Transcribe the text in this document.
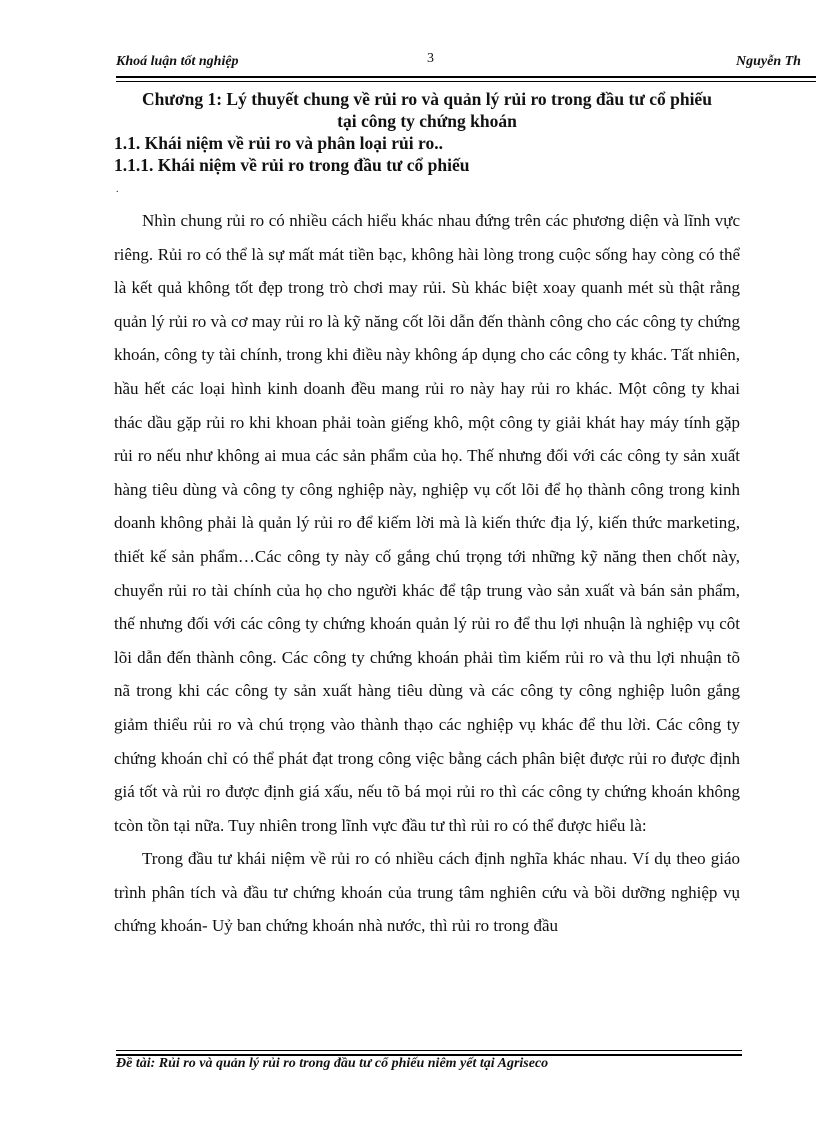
Khoá luận tốt nghiệp	3	Nguyễn Th

Chương 1: Lý thuyết chung về rủi ro và quản lý rủi ro trong đầu tư cổ phiếu

tại công ty chứng khoán

1.1. Khái niệm về rủi ro và phân loại rủi ro..

1.1.1. Khái niệm về rủi ro trong đầu tư cổ phiếu

.

Nhìn chung rủi ro có nhiều cách hiểu khác nhau đứng trên các phương diện và lĩnh vực riêng. Rủi ro có thể là sự mất mát tiền bạc, không hài lòng trong cuộc sống hay còng có thể là kết quả không tốt đẹp trong trò chơi may rủi. Sù khác biệt xoay quanh mét sù thật rằng quản lý rủi ro và cơ may rủi ro là kỹ năng cốt lõi dẫn đến thành công cho các công ty chứng khoán, công ty tài chính, trong khi điều này không áp dụng cho các công ty khác. Tất nhiên, hầu hết các loại hình kinh doanh đều mang rủi ro này hay rủi ro khác. Một công ty khai thác dầu gặp rủi ro khi khoan phải toàn giếng khô, một công ty giải khát hay máy tính gặp rủi ro nếu như không ai mua các sản phẩm của họ. Thế nhưng đối với các công ty sản xuất hàng tiêu dùng và công ty công nghiệp này, nghiệp vụ cốt lõi để họ thành công trong kinh doanh không phải là quản lý rủi ro để kiếm lời mà là kiến thức địa lý, kiến thức marketing, thiết kế sản phẩm…Các công ty này cố gắng chú trọng tới những kỹ năng then chốt này, chuyển rủi ro tài chính của họ cho người khác để tập trung vào sản xuất và bán sản phẩm, thế nhưng đối với các công ty chứng khoán quản lý rủi ro để thu lợi nhuận là nghiệp vụ côt lõi dẫn đến thành công. Các công ty chứng khoán phải tìm kiếm rủi ro và thu lợi nhuận tõ nã trong khi các công ty sản xuất hàng tiêu dùng và các công ty công nghiệp luôn gắng giảm thiểu rủi ro và chú trọng vào thành thạo các nghiệp vụ khác để thu lời. Các công ty chứng khoán chỉ có thể phát đạt trong công việc bằng cách phân biệt được rủi ro được định giá tốt và rủi ro được định giá xấu, nếu tõ bá mọi rủi ro thì các công ty chứng khoán không tcòn tồn tại nữa. Tuy nhiên trong lĩnh vực đầu tư thì rủi ro có thể được hiểu là:

Trong đầu tư khái niệm về rủi ro có nhiều cách định nghĩa khác nhau. Ví dụ theo giáo trình phân tích và đầu tư chứng khoán của trung tâm nghiên cứu và bồi dưỡng nghiệp vụ chứng khoán- Uỷ ban chứng khoán nhà nước, thì rủi ro trong đầu

Đề tài: Rủi ro và quản lý rủi ro trong đầu tư cổ phiếu niêm yết tại Agriseco
